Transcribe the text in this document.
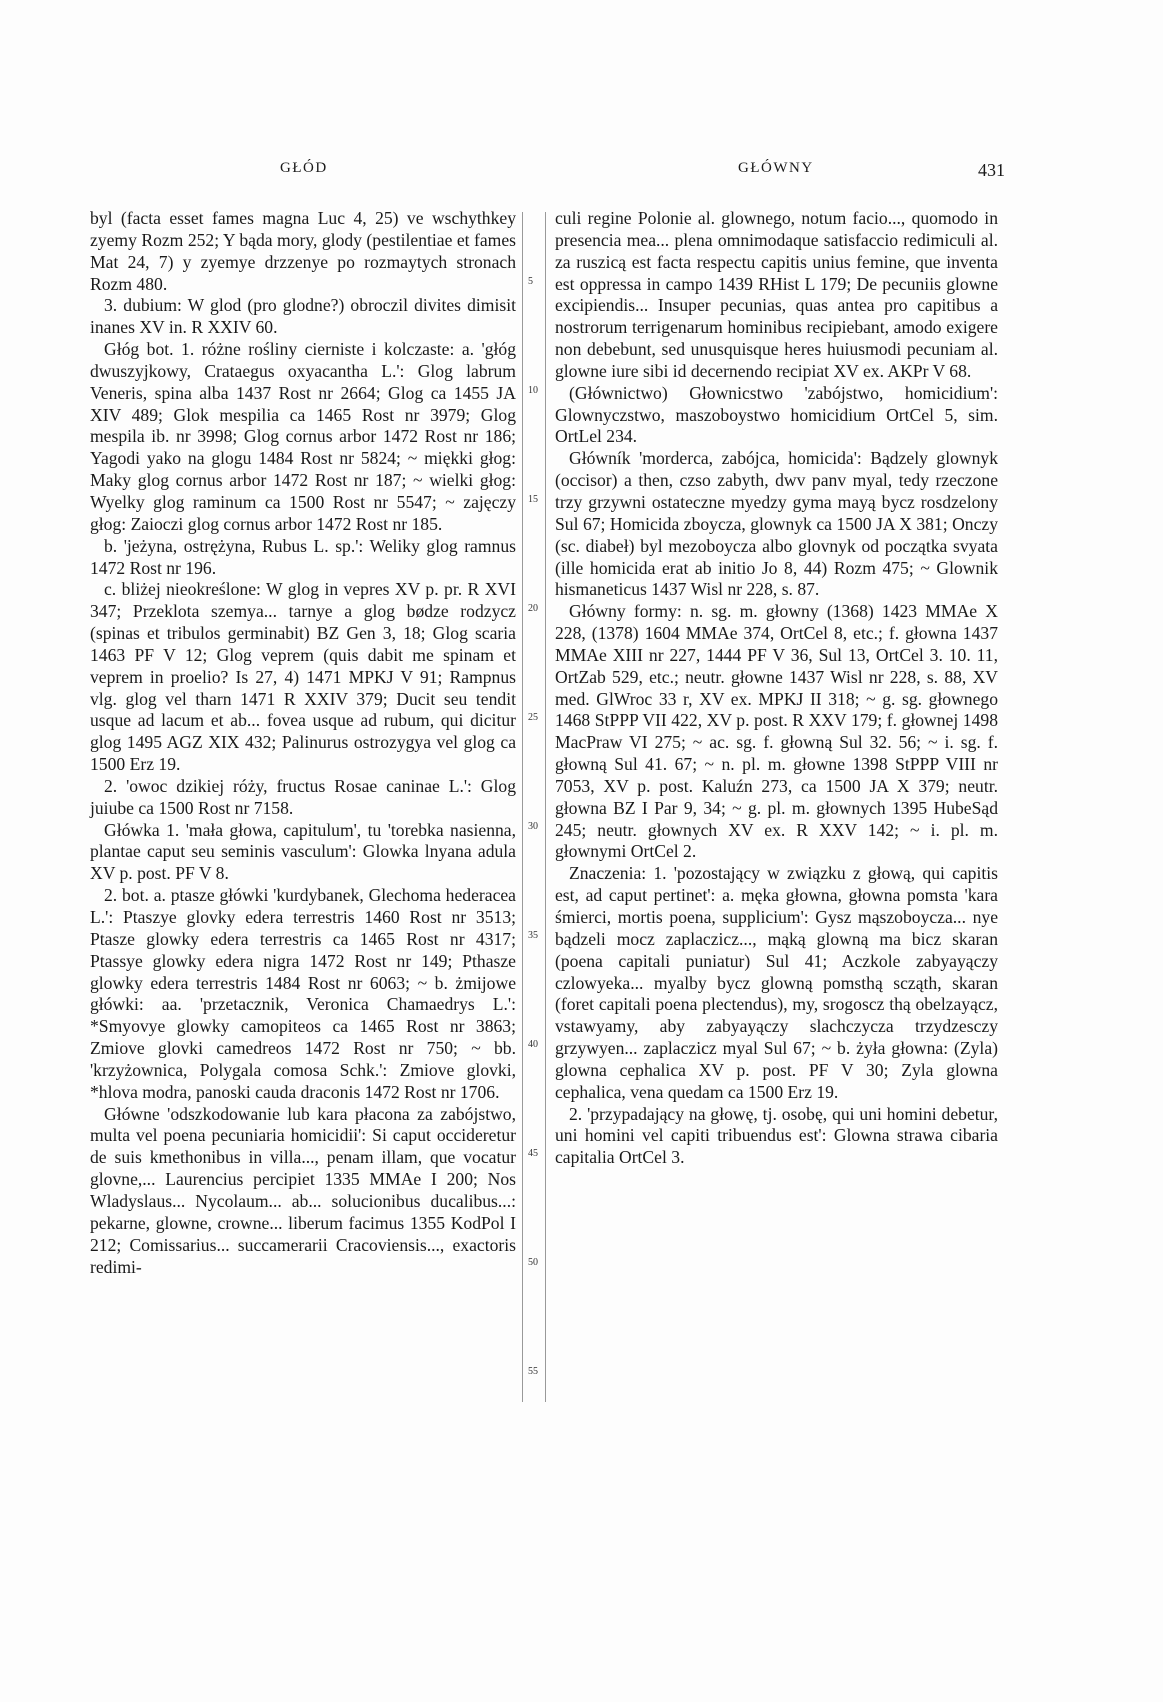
GŁÓD	GŁÓWNY	431

byl (facta esset fames magna Luc 4, 25) ve wschythkey zyemy Rozm 252; Y bąda mory, glody (pestilentiae et fames Mat 24, 7) y zyemye drzzenye po rozmaytych stronach Rozm 480.

3. dubium: W glod (pro glodne?) obroczil divites dimisit inanes XV in. R XXIV 60.

Głóg bot. 1. różne rośliny cierniste i kolczaste: a. 'głóg dwuszyjkowy, Crataegus oxyacantha L.': Glog labrum Veneris, spina alba 1437 Rost nr 2664; Glog ca 1455 JA XIV 489; Glok mespilia ca 1465 Rost nr 3979; Glog mespila ib. nr 3998; Glog cornus arbor 1472 Rost nr 186; Yagodi yako na glogu 1484 Rost nr 5824; ~ miękki głog: Maky glog cornus arbor 1472 Rost nr 187; ~ wielki głog: Wyelky glog raminum ca 1500 Rost nr 5547; ~ zajęczy głog: Zaioczi glog cornus arbor 1472 Rost nr 185.

b. 'jeżyna, ostrężyna, Rubus L. sp.': Weliky glog ramnus 1472 Rost nr 196.

c. bliżej nieokreślone: W glog in vepres XV p. pr. R XVI 347; Przeklota szemya... tarnye a glog bødze rodzycz (spinas et tribulos germinabit) BZ Gen 3, 18; Glog scaria 1463 PF V 12; Glog veprem (quis dabit me spinam et veprem in proelio? Is 27, 4) 1471 MPKJ V 91; Rampnus vlg. glog vel tharn 1471 R XXIV 379; Ducit seu tendit usque ad lacum et ab... fovea usque ad rubum, qui dicitur glog 1495 AGZ XIX 432; Palinurus ostrozygya vel glog ca 1500 Erz 19.

2. 'owoc dzikiej róży, fructus Rosae caninae L.': Glog juiube ca 1500 Rost nr 7158.

Główka 1. 'mała głowa, capitulum', tu 'torebka nasienna, plantae caput seu seminis vasculum': Glowka lnyana adula XV p. post. PF V 8.

2. bot. a. ptasze główki 'kurdybanek, Glechoma hederacea L.': Ptaszye glovky edera terrestris 1460 Rost nr 3513; Ptasze glowky edera terrestris ca 1465 Rost nr 4317; Ptassye glowky edera nigra 1472 Rost nr 149; Pthasze glowky edera terrestris 1484 Rost nr 6063; ~ b. żmijowe główki: aa. 'przetacznik, Veronica Chamaedrys L.': *Smyovye glowky camopiteos ca 1465 Rost nr 3863; Zmiove glovki camedreos 1472 Rost nr 750; ~ bb. 'krzyżownica, Polygala comosa Schk.': Zmiove glovki, *hlova modra, panoski cauda draconis 1472 Rost nr 1706.

Główne 'odszkodowanie lub kara płacona za zabójstwo, multa vel poena pecuniaria homicidii': Si caput occideretur de suis kmethonibus in villa..., penam illam, que vocatur glovne,... Laurencius percipiet 1335 MMAe I 200; Nos Wladyslaus... Nycolaum... ab... solucionibus ducalibus...: pekarne, glowne, crowne... liberum facimus 1355 KodPol I 212; Comissarius... succamerarii Cracoviensis..., exactoris redimi-

5
10
15
20
25
30
35
40
45
50
55

culi regine Polonie al. glownego, notum facio..., quomodo in presencia mea... plena omnimodaque satisfaccio redimiculi al. za ruszicą est facta respectu capitis unius femine, que inventa est oppressa in campo 1439 RHist L 179; De pecuniis glowne excipiendis... Insuper pecunias, quas antea pro capitibus a nostrorum terrigenarum hominibus recipiebant, amodo exigere non debebunt, sed unusquisque heres huiusmodi pecuniam al. glowne iure sibi id decernendo recipiat XV ex. AKPr V 68.

(Głównictwo) Głownicstwo 'zabójstwo, homicidium': Glownyczstwo, maszoboystwo homicidium OrtCel 5, sim. OrtLel 234.

Główník 'morderca, zabójca, homicida': Bądzely glownyk (occisor) a then, czso zabyth, dwv panv myal, tedy rzeczone trzy grzywni ostateczne myedzy gyma mayą bycz rosdzelony Sul 67; Homicida zboycza, glownyk ca 1500 JA X 381; Onczy (sc. diabeł) byl mezoboycza albo glovnyk od początka svyata (ille homicida erat ab initio Jo 8, 44) Rozm 475; ~ Glownik hismaneticus 1437 Wisl nr 228, s. 87.

Główny formy: n. sg. m. głowny (1368) 1423 MMAe X 228, (1378) 1604 MMAe 374, OrtCel 8, etc.; f. głowna 1437 MMAe XIII nr 227, 1444 PF V 36, Sul 13, OrtCel 3. 10. 11, OrtZab 529, etc.; neutr. głowne 1437 Wisl nr 228, s. 88, XV med. GlWroc 33 r, XV ex. MPKJ II 318; ~ g. sg. głownego 1468 StPPP VII 422, XV p. post. R XXV 179; f. głownej 1498 MacPraw VI 275; ~ ac. sg. f. głowną Sul 32. 56; ~ i. sg. f. głowną Sul 41. 67; ~ n. pl. m. głowne 1398 StPPP VIII nr 7053, XV p. post. Kaluźn 273, ca 1500 JA X 379; neutr. głowna BZ I Par 9, 34; ~ g. pl. m. głownych 1395 HubeSąd 245; neutr. głownych XV ex. R XXV 142; ~ i. pl. m. głownymi OrtCel 2.

Znaczenia: 1. 'pozostający w związku z głową, qui capitis est, ad caput pertinet': a. męka głowna, głowna pomsta 'kara śmierci, mortis poena, supplicium': Gysz mąszoboycza... nye bądzeli mocz zaplaczicz..., mąką glowną ma bicz skaran (poena capitali puniatur) Sul 41; Aczkole zabyayączy czlowyeka... myalby bycz glowną pomsthą scząth, skaran (foret capitali poena plectendus), my, srogoscz thą obelzayącz, vstawyamy, aby zabyayączy slachczycza trzydzesczy grzywyen... zaplaczicz myal Sul 67; ~ b. żyła głowna: (Zyla) glowna cephalica XV p. post. PF V 30; Zyla glowna cephalica, vena quedam ca 1500 Erz 19.

2. 'przypadający na głowę, tj. osobę, qui uni homini debetur, uni homini vel capiti tribuendus est': Glowna strawa cibaria capitalia OrtCel 3.
